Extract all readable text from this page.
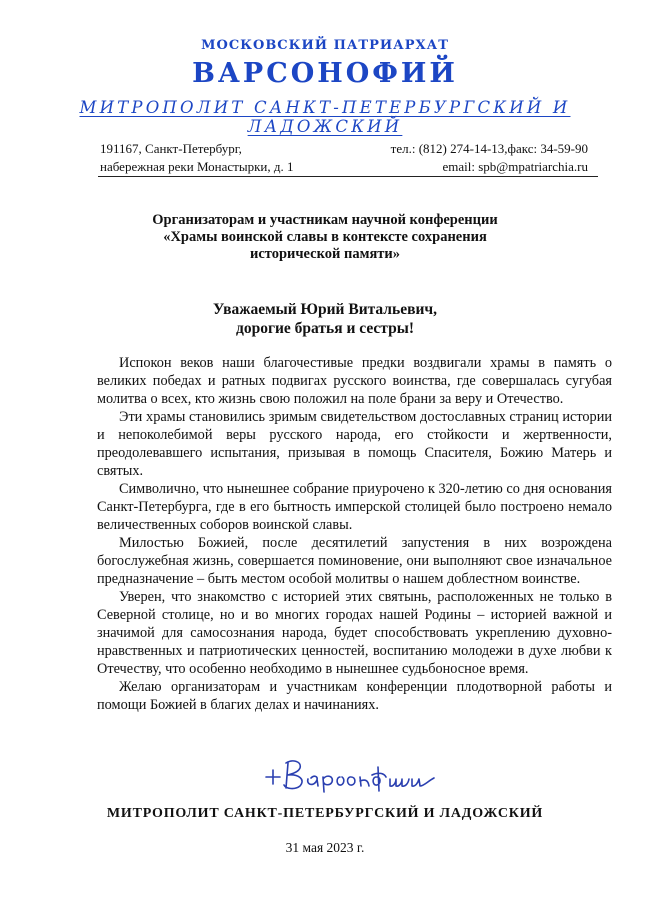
МОСКОВСКИЙ ПАТРИАРХАТ
ВАРСОНОФИЙ
МИТРОПОЛИТ САНКТ-ПЕТЕРБУРГСКИЙ И ЛАДОЖСКИЙ
191167, Санкт-Петербург,
набережная реки Монастырки, д. 1
тел.: (812) 274-14-13,факс: 34-59-90
email: spb@mpatriarchia.ru
Организаторам и участникам научной конференции
«Храмы воинской славы в контексте сохранения
исторической памяти»
Уважаемый Юрий Витальевич,
дорогие братья и сестры!

Испокон веков наши благочестивые предки воздвигали храмы в память о великих победах и ратных подвигах русского воинства, где совершалась сугубая молитва о всех, кто жизнь свою положил на поле брани за веру и Отечество.

Эти храмы становились зримым свидетельством достославных страниц истории и непоколебимой веры русского народа, его стойкости и жертвенности, преодолевавшего испытания, призывая в помощь Спасителя, Божию Матерь и святых.

Символично, что нынешнее собрание приурочено к 320-летию со дня основания Санкт-Петербурга, где в его бытность имперской столицей было построено немало величественных соборов воинской славы.

Милостью Божией, после десятилетий запустения в них возрождена богослужебная жизнь, совершается поминовение, они выполняют свое изначальное предназначение – быть местом особой молитвы о нашем доблестном воинстве.

Уверен, что знакомство с историей этих святынь, расположенных не только в Северной столице, но и во многих городах нашей Родины – историей важной и значимой для самосознания народа, будет способствовать укреплению духовно-нравственных и патриотических ценностей, воспитанию молодежи в духе любви к Отечеству, что особенно необходимо в нынешнее судьбоносное время.

Желаю организаторам и участникам конференции плодотворной работы и помощи Божией в благих делах и начинаниях.

МИТРОПОЛИТ САНКТ-ПЕТЕРБУРГСКИЙ И ЛАДОЖСКИЙ
31 мая 2023 г.
